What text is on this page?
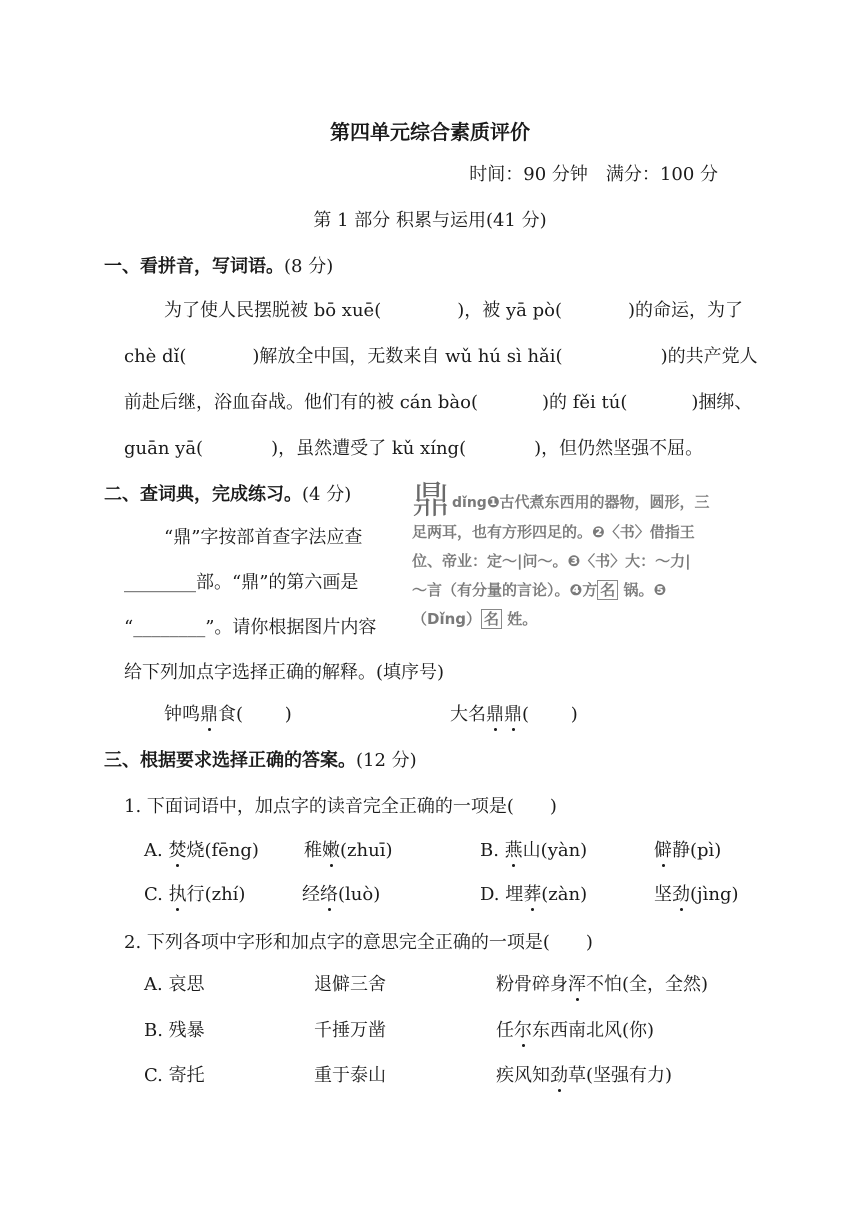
第四单元综合素质评价
时间：90 分钟　满分：100 分
第 1 部分 积累与运用(41 分)
一、看拼音，写词语。(8 分)
为了使人民摆脱被 bō xuē(	)，被 yā pò(	)的命运，为了
chè dǐ(	)解放全中国，无数来自 wǔ hú sì hǎi(	)的共产党人
前赴后继，浴血奋战。他们有的被 cán bào(	)的 fěi tú(	)捆绑、
guān yā(	)，虽然遭受了 kǔ xíng(	)，但仍然坚强不屈。
二、查词典，完成练习。(4 分)
“鼎”字按部首查字法应查
________部。“鼎”的第六画是
“________”。请你根据图片内容
给下列加点字选择正确的解释。(填序号)
钟鸣鼎食(　　 )	大名鼎鼎(　　 )
鼎dǐng❶古代煮东西用的器物，圆形，三
足两耳，也有方形四足的。❷〈书〉借指王
位、帝业：定～|问～。❸〈书〉大：～力|
～言（有分量的言论）。❹方 名 锅。❺
（Dǐng） 名 姓。
三、根据要求选择正确的答案。(12 分)
1. 下面词语中，加点字的读音完全正确的一项是(　　)
A. 焚烧(fēng)	稚嫩(zhuī)	B. 燕山(yàn)	僻静(pì)
C. 执行(zhí)	经络(luò)	D. 埋葬(zàn)	坚劲(jìng)
2. 下列各项中字形和加点字的意思完全正确的一项是(　　)
A. 哀思	退僻三舍	粉骨碎身浑不怕(全，全然)
B. 残暴	千捶万凿	任尔东西南北风(你)
C. 寄托	重于泰山	疾风知劲草(坚强有力)
